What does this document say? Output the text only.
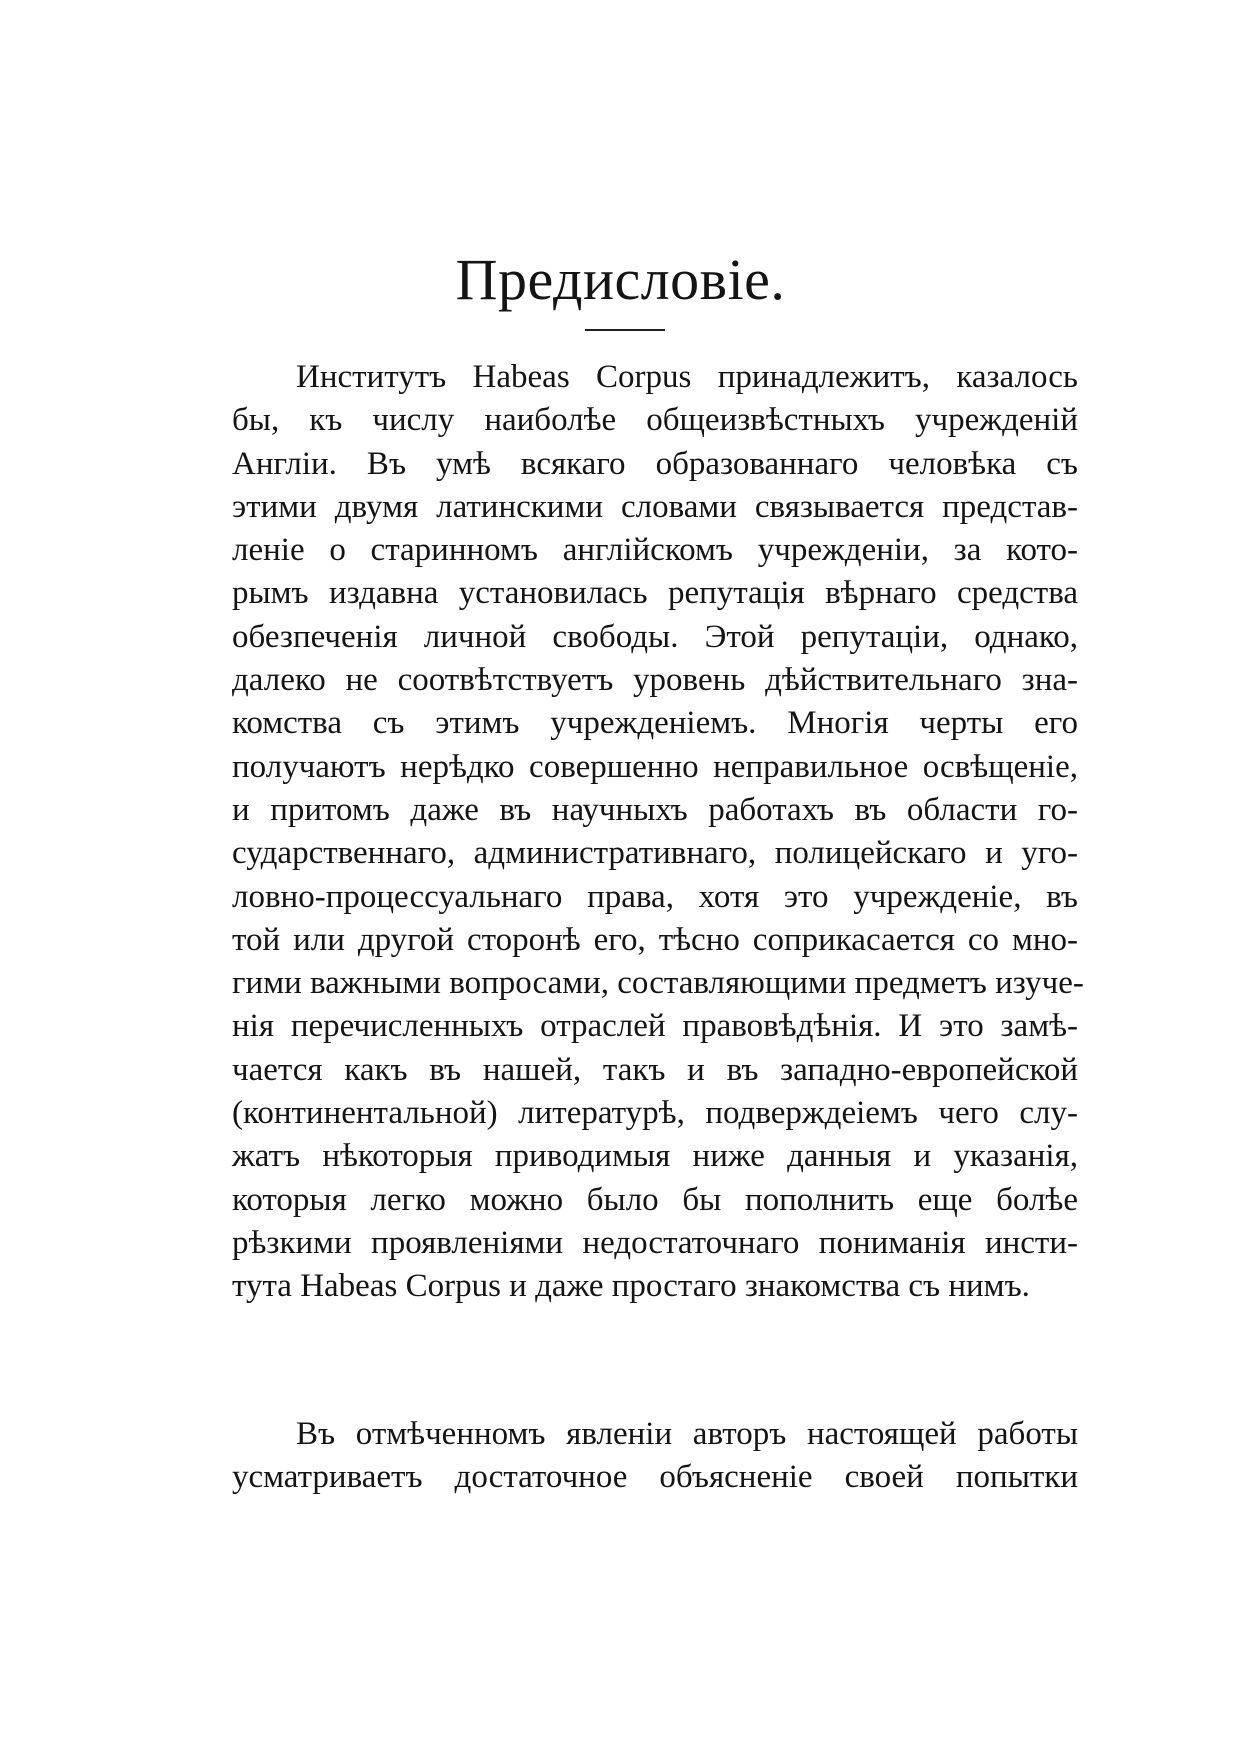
Предисловіе.
Институтъ Habeas Corpus принадлежитъ, казалось
бы, къ числу наиболѣе общеизвѣстныхъ учрежденій
Англіи. Въ умѣ всякаго образованнаго человѣка съ
этими двумя латинскими словами связывается представ-
леніе о старинномъ англійскомъ учрежденіи, за кото-
рымъ издавна установилась репутація вѣрнаго средства
обезпеченія личной свободы. Этой репутаціи, однако,
далеко не соотвѣтствуетъ уровень дѣйствительнаго зна-
комства съ этимъ учрежденіемъ. Многія черты его
получаютъ нерѣдко совершенно неправильное освѣщеніе,
и притомъ даже въ научныхъ работахъ въ области го-
сударственнаго, административнаго, полицейскаго и уго-
ловно-процессуальнаго права, хотя это учрежденіе, въ
той или другой сторонѣ его, тѣсно соприкасается со мно-
гими важными вопросами, составляющими предметъ изуче-
нія перечисленныхъ отраслей правовѣдѣнія. И это замѣ-
чается какъ въ нашей, такъ и въ западно-европейской
(континентальной) литературѣ, подверждеіемъ чего слу-
жатъ нѣкоторыя приводимыя ниже данныя и указанія,
которыя легко можно было бы пополнить еще болѣе
рѣзкими проявленіями недостаточнаго пониманія инсти-
тута Habeas Corpus и даже простаго знакомства съ нимъ.
Въ отмѣченномъ явленіи авторъ настоящей работы
усматриваетъ достаточное объясненіе своей попытки
